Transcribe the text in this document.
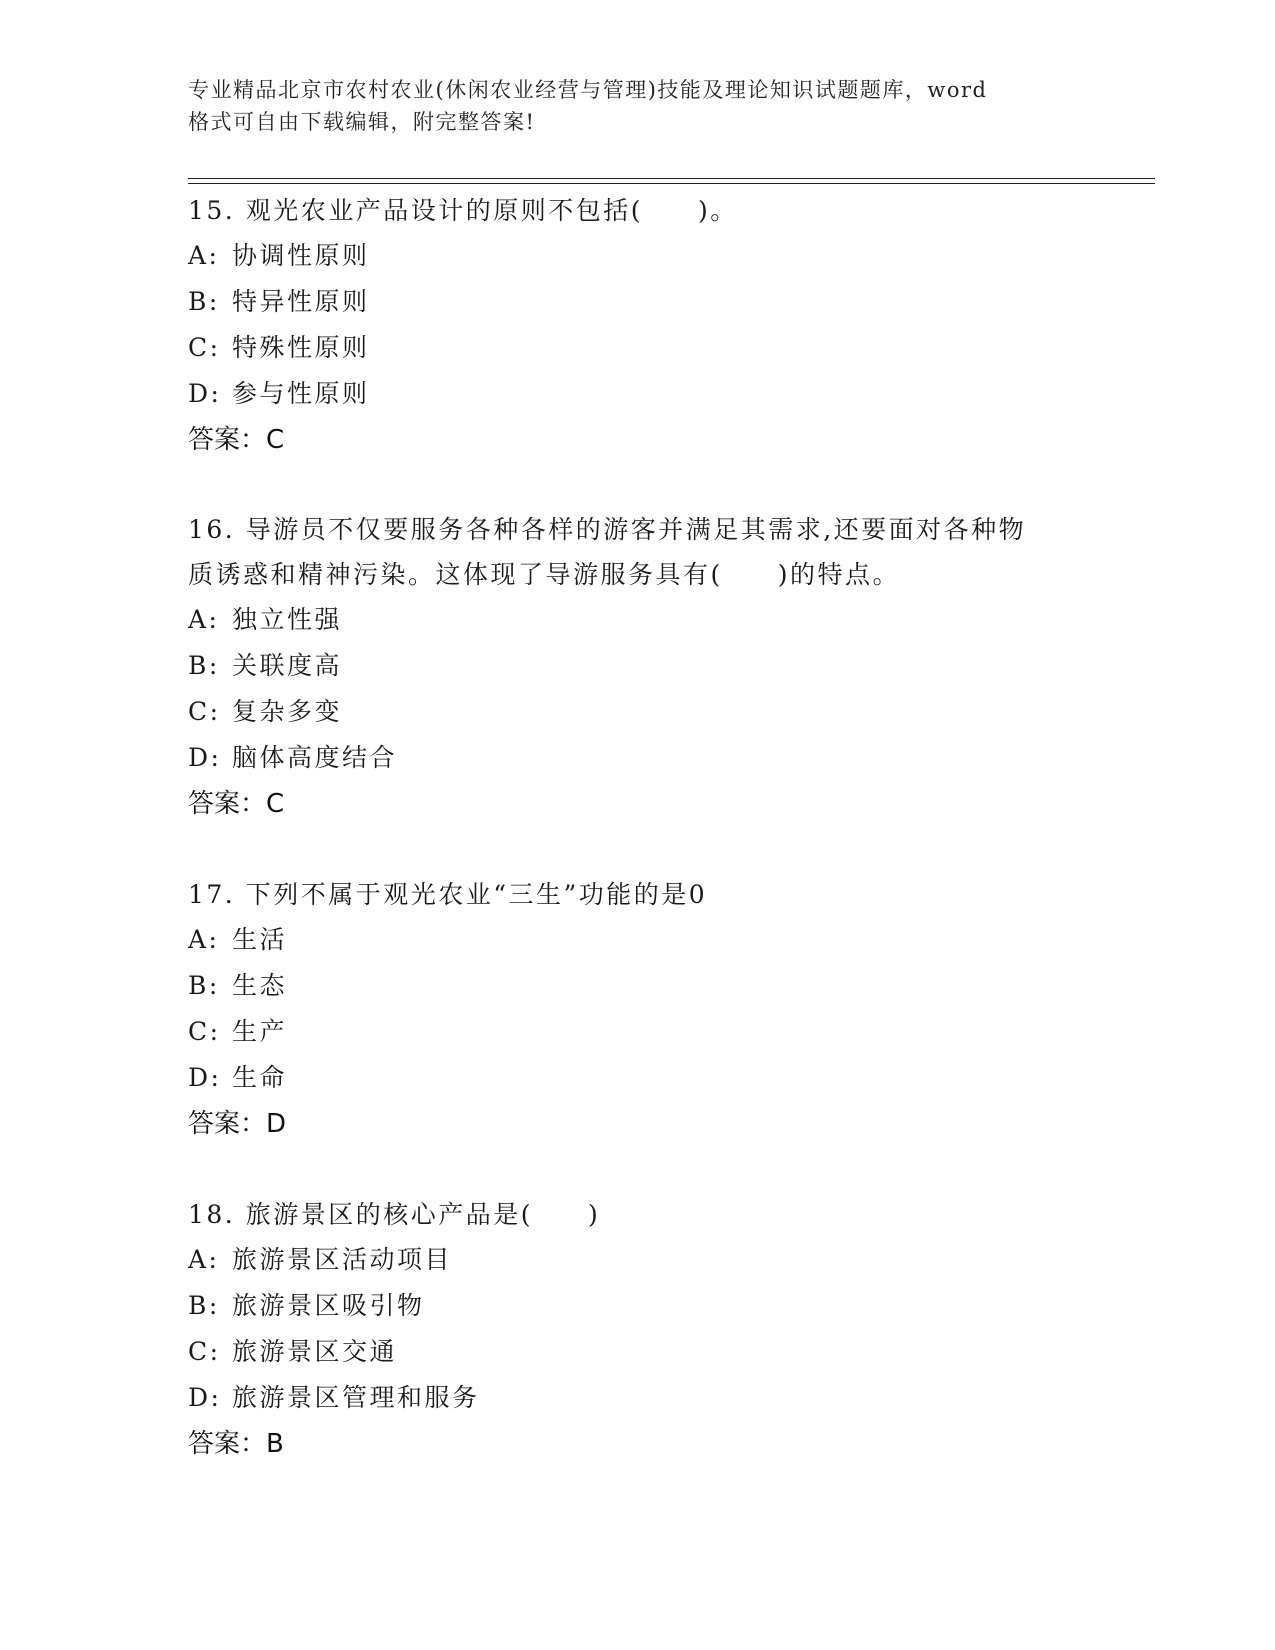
专业精品北京市农村农业(休闲农业经营与管理)技能及理论知识试题题库，word
格式可自由下载编辑，附完整答案!

15. 观光农业产品设计的原则不包括(　　)。

A: 协调性原则

B: 特异性原则

C: 特殊性原则

D: 参与性原则

答案：C

16. 导游员不仅要服务各种各样的游客并满足其需求,还要面对各种物

质诱惑和精神污染。这体现了导游服务具有(　　)的特点。

A: 独立性强

B: 关联度高

C: 复杂多变

D: 脑体高度结合

答案：C

17. 下列不属于观光农业“三生”功能的是0

A: 生活

B: 生态

C: 生产

D: 生命

答案：D

18. 旅游景区的核心产品是(　　)

A: 旅游景区活动项目

B: 旅游景区吸引物

C: 旅游景区交通

D: 旅游景区管理和服务

答案：B
